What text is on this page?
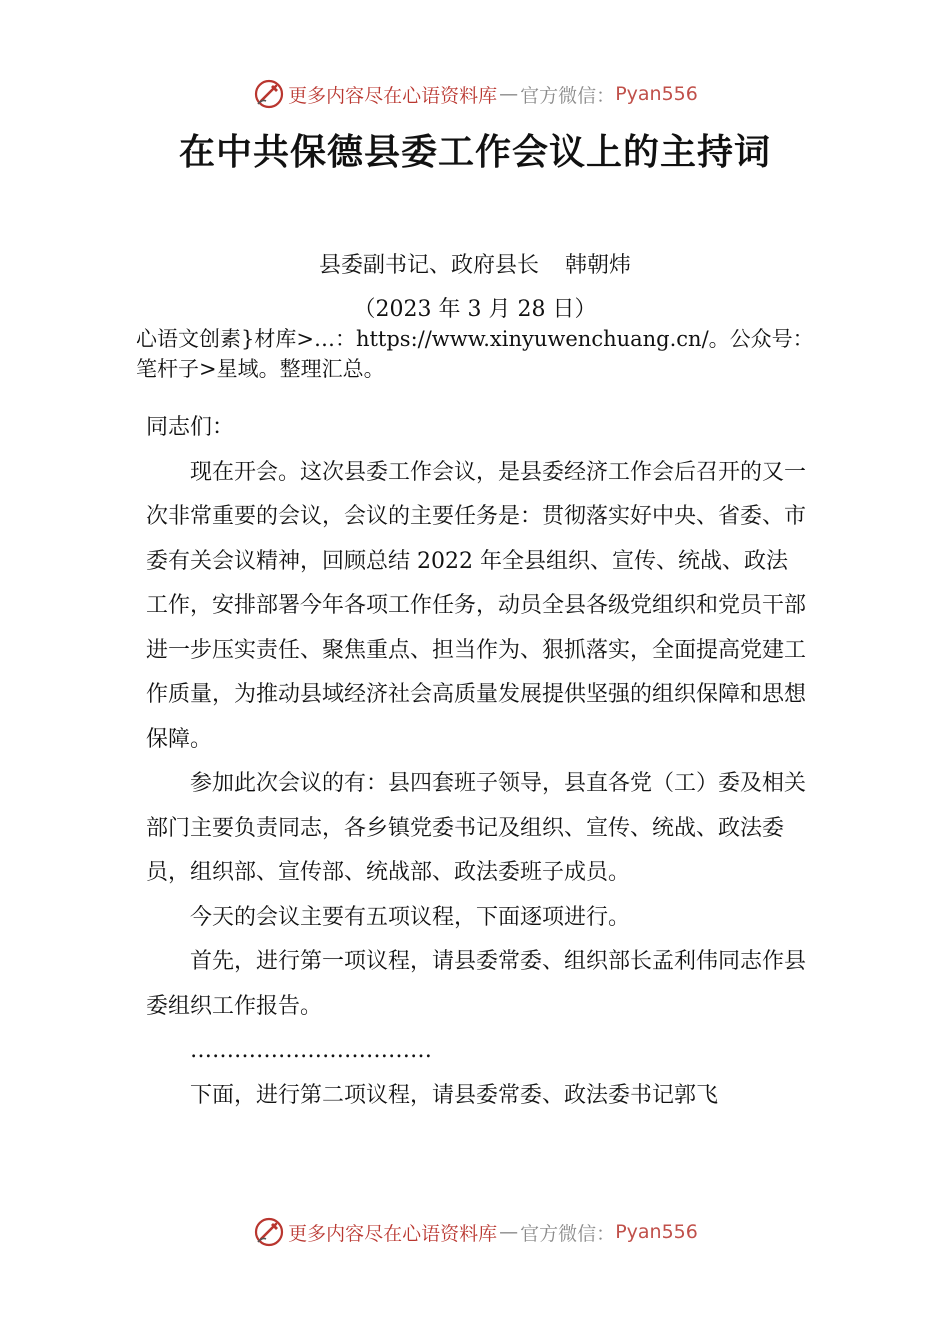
更多内容尽在心语资料库 — 官方微信： Pyan556
在中共保德县委工作会议上的主持词
县委副书记、政府县长 韩朝炜
（2023 年 3 月 28 日）
心语文创素}材库>…：https://www.xinyuwenchuang.cn/。公众号：笔杆子>星域。整理汇总。

同志们：

现在开会。这次县委工作会议，是县委经济工作会后召开的又一次非常重要的会议，会议的主要任务是：贯彻落实好中央、省委、市委有关会议精神，回顾总结 2022 年全县组织、宣传、统战、政法工作，安排部署今年各项工作任务，动员全县各级党组织和党员干部进一步压实责任、聚焦重点、担当作为、狠抓落实，全面提高党建工作质量，为推动县域经济社会高质量发展提供坚强的组织保障和思想保障。

参加此次会议的有：县四套班子领导，县直各党（工）委及相关部门主要负责同志，各乡镇党委书记及组织、宣传、统战、政法委员，组织部、宣传部、统战部、政法委班子成员。

今天的会议主要有五项议程，下面逐项进行。

首先，进行第一项议程，请县委常委、组织部长孟利伟同志作县委组织工作报告。

……………………………

下面，进行第二项议程，请县委常委、政法委书记郭飞

更多内容尽在心语资料库 — 官方微信： Pyan556
